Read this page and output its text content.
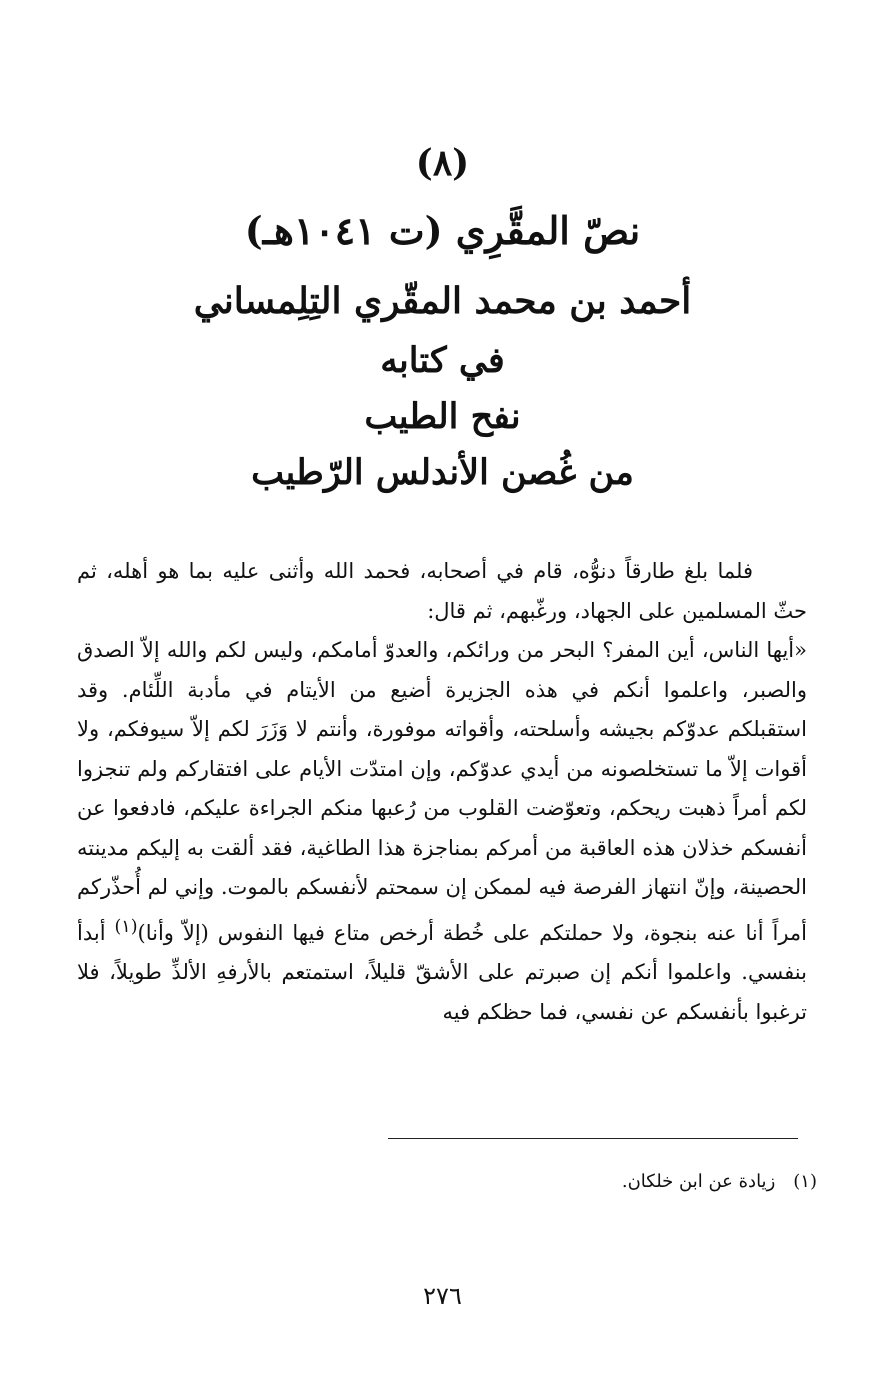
(٨)
نصّ المقَّرِي (ت ١٠٤١هـ)
أحمد بن محمد المقّري التِلِمساني
في كتابه
نفح الطيب
من غُصن الأندلس الرّطيب

فلما بلغ طارقاً دنوُّه، قام في أصحابه، فحمد الله وأثنى عليه بما هو أهله، ثم حثّ المسلمين على الجهاد، ورغّبهم، ثم قال:

«أيها الناس، أين المفر؟ البحر من ورائكم، والعدوّ أمامكم، وليس لكم والله إلاّ الصدق والصبر، واعلموا أنكم في هذه الجزيرة أضيع من الأيتام في مأدبة اللِّئام. وقد استقبلكم عدوّكم بجيشه وأسلحته، وأقواته موفورة، وأنتم لا وَزَرَ لكم إلاّ سيوفكم، ولا أقوات إلاّ ما تستخلصونه من أيدي عدوّكم، وإن امتدّت الأيام على افتقاركم ولم تنجزوا لكم أمراً ذهبت ريحكم، وتعوّضت القلوب من رُعبها منكم الجراءة عليكم، فادفعوا عن أنفسكم خذلان هذه العاقبة من أمركم بمناجزة هذا الطاغية، فقد ألقت به إليكم مدينته الحصينة، وإنّ انتهاز الفرصة فيه لممكن إن سمحتم لأنفسكم بالموت. وإني لم أُحذّركم أمراً أنا عنه بنجوة، ولا حملتكم على خُطة أرخص متاع فيها النفوس (إلاّ وأنا)$^{(١)}$ أبدأ بنفسي. واعلموا أنكم إن صبرتم على الأشقّ قليلاً، استمتعم بالأرفهِ الألذِّ طويلاً، فلا ترغبوا بأنفسكم عن نفسي، فما حظكم فيه

(١)زيادة عن ابن خلكان.
٢٧٦
